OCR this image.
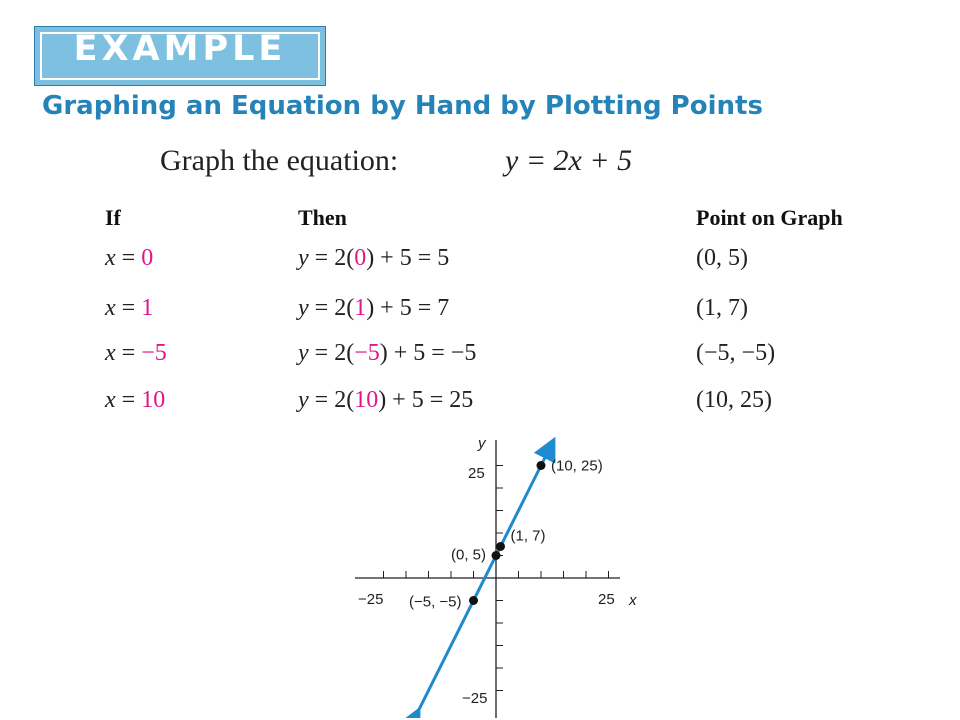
EXAMPLE
Graphing an Equation by Hand by Plotting Points
Graph the equation:	y = 2x + 5
If	Then	Point on Graph
x = 0	y = 2(0) + 5 = 5	(0, 5)
x = 1	y = 2(1) + 5 = 7	(1, 7)
x = −5	y = 2(−5) + 5 = −5	(−5, −5)
x = 10	y = 2(10) + 5 = 25	(10, 25)
x
y
−25	25
25
−25
(10, 25)
(1, 7)
(0, 5)
(−5, −5)
